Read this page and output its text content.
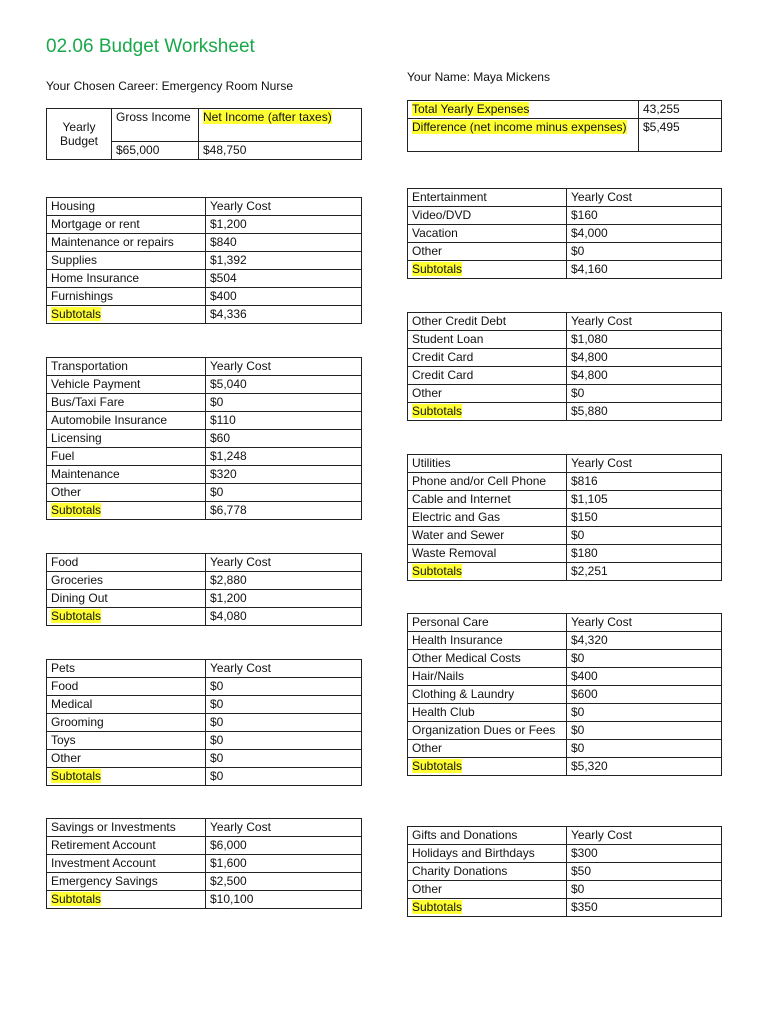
02.06 Budget Worksheet
Your Chosen Career: Emergency Room Nurse
Your Name: Maya Mickens
Yearly Budget	Gross Income	Net Income (after taxes)
	$65,000	$48,750
Total Yearly Expenses	43,255
Difference (net income minus expenses)	$5,495
Housing	Yearly Cost
Mortgage or rent	$1,200
Maintenance or repairs	$840
Supplies	$1,392
Home Insurance	$504
Furnishings	$400
Subtotals	$4,336
Transportation	Yearly Cost
Vehicle Payment	$5,040
Bus/Taxi Fare	$0
Automobile Insurance	$110
Licensing	$60
Fuel	$1,248
Maintenance	$320
Other	$0
Subtotals	$6,778
Food	Yearly Cost
Groceries	$2,880
Dining Out	$1,200
Subtotals	$4,080
Pets	Yearly Cost
Food	$0
Medical	$0
Grooming	$0
Toys	$0
Other	$0
Subtotals	$0
Savings or Investments	Yearly Cost
Retirement Account	$6,000
Investment Account	$1,600
Emergency Savings	$2,500
Subtotals	$10,100
Entertainment	Yearly Cost
Video/DVD	$160
Vacation	$4,000
Other	$0
Subtotals	$4,160
Other Credit Debt	Yearly Cost
Student Loan	$1,080
Credit Card	$4,800
Credit Card	$4,800
Other	$0
Subtotals	$5,880
Utilities	Yearly Cost
Phone and/or Cell Phone	$816
Cable and Internet	$1,105
Electric and Gas	$150
Water and Sewer	$0
Waste Removal	$180
Subtotals	$2,251
Personal Care	Yearly Cost
Health Insurance	$4,320
Other Medical Costs	$0
Hair/Nails	$400
Clothing & Laundry	$600
Health Club	$0
Organization Dues or Fees	$0
Other	$0
Subtotals	$5,320
Gifts and Donations	Yearly Cost
Holidays and Birthdays	$300
Charity Donations	$50
Other	$0
Subtotals	$350
